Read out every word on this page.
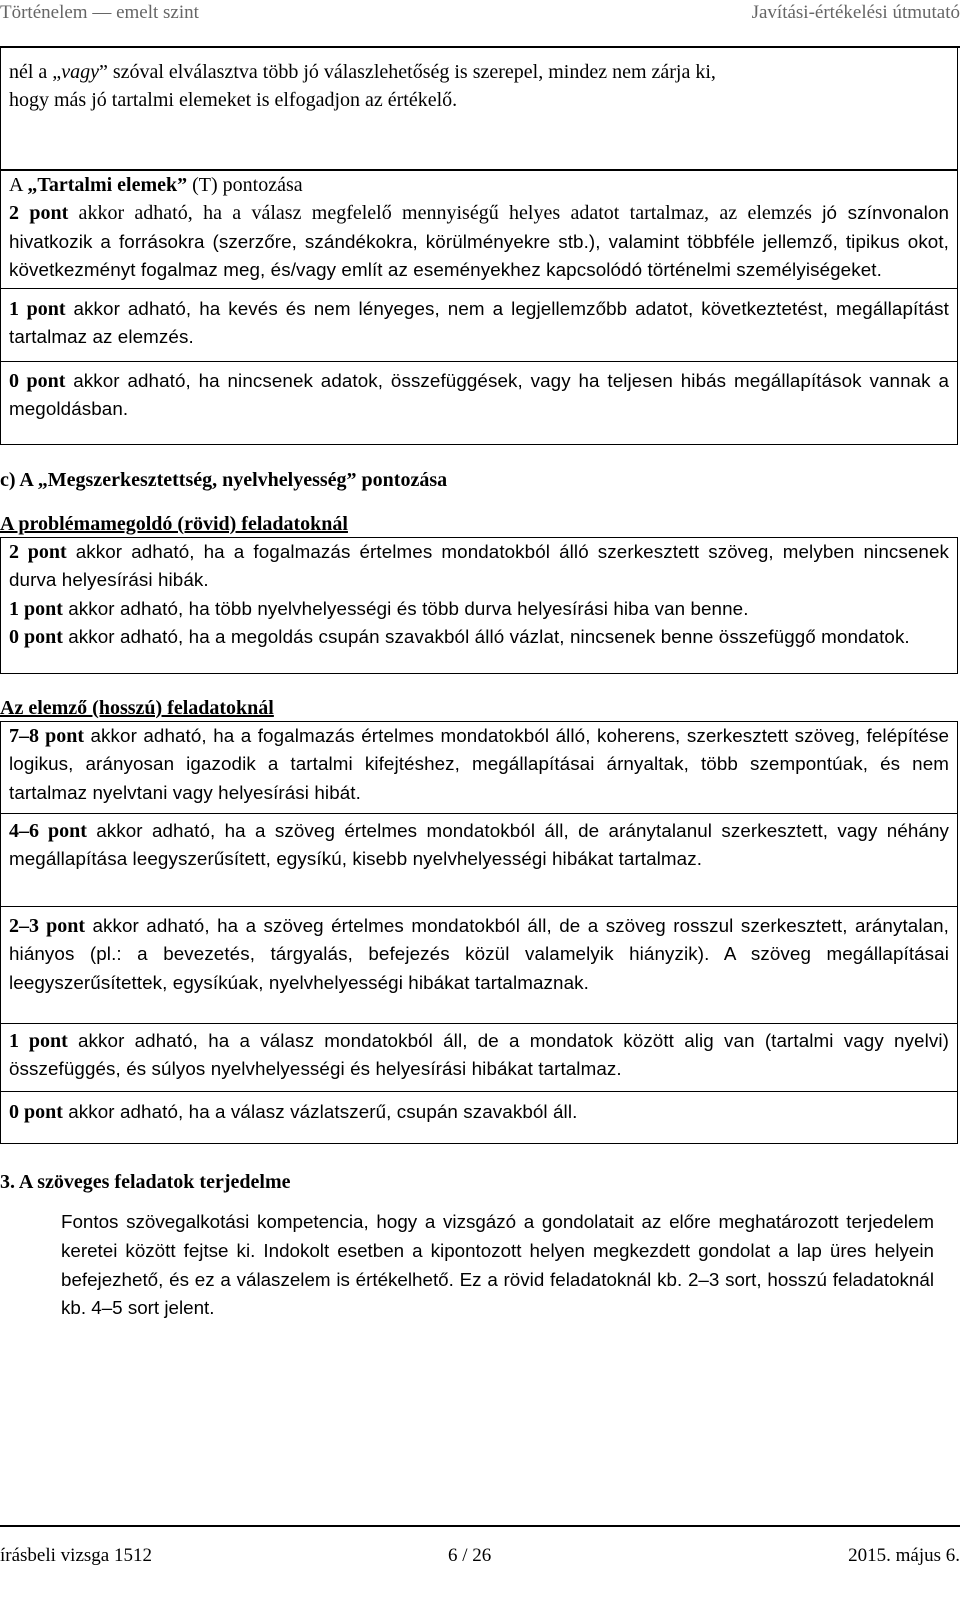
Történelem — emelt szint	Javítási-értékelési útmutató

nél a „vagy” szóval elválasztva több jó válaszlehetőség is szerepel, mindez nem zárja ki,
hogy más jó tartalmi elemeket is elfogadjon az értékelő.

A „Tartalmi elemek” (T) pontozása

2 pont akkor adható, ha a válasz megfelelő mennyiségű helyes adatot tartalmaz, az elemzés jó színvonalon hivatkozik a forrásokra (szerzőre, szándékokra, körülményekre stb.), valamint többféle jellemző, tipikus okot, következményt fogalmaz meg, és/vagy említ az eseményekhez kapcsolódó történelmi személyiségeket.

1 pont akkor adható, ha kevés és nem lényeges, nem a legjellemzőbb adatot, következtetést, megállapítást tartalmaz az elemzés.

0 pont akkor adható, ha nincsenek adatok, összefüggések, vagy ha teljesen hibás megállapítások vannak a megoldásban.

c) A „Megszerkesztettség, nyelvhelyesség” pontozása
A problémamegoldó (rövid) feladatoknál

2 pont akkor adható, ha a fogalmazás értelmes mondatokból álló szerkesztett szöveg, melyben nincsenek durva helyesírási hibák.

1 pont akkor adható, ha több nyelvhelyességi és több durva helyesírási hiba van benne.

0 pont akkor adható, ha a megoldás csupán szavakból álló vázlat, nincsenek benne összefüggő mondatok.

Az elemző (hosszú) feladatoknál

7–8 pont akkor adható, ha a fogalmazás értelmes mondatokból álló, koherens, szerkesztett szöveg, felépítése logikus, arányosan igazodik a tartalmi kifejtéshez, megállapításai árnyaltak, több szempontúak, és nem tartalmaz nyelvtani vagy helyesírási hibát.

4–6 pont akkor adható, ha a szöveg értelmes mondatokból áll, de aránytalanul szerkesztett, vagy néhány megállapítása leegyszerűsített, egysíkú, kisebb nyelvhelyességi hibákat tartalmaz.

2–3 pont akkor adható, ha a szöveg értelmes mondatokból áll, de a szöveg rosszul szerkesztett, aránytalan, hiányos (pl.: a bevezetés, tárgyalás, befejezés közül valamelyik hiányzik). A szöveg megállapításai leegyszerűsítettek, egysíkúak, nyelvhelyességi hibákat tartalmaznak.

1 pont akkor adható, ha a válasz mondatokból áll, de a mondatok között alig van (tartalmi vagy nyelvi) összefüggés, és súlyos nyelvhelyességi és helyesírási hibákat tartalmaz.

0 pont akkor adható, ha a válasz vázlatszerű, csupán szavakból áll.

3. A szöveges feladatok terjedelme
Fontos szövegalkotási kompetencia, hogy a vizsgázó a gondolatait az előre meghatározott terjedelem keretei között fejtse ki. Indokolt esetben a kipontozott helyen megkezdett gondolat a lap üres helyein befejezhető, és ez a válaszelem is értékelhető. Ez a rövid feladatoknál kb. 2–3 sort, hosszú feladatoknál kb. 4–5 sort jelent.
írásbeli vizsga 1512	6 / 26	2015. május 6.
